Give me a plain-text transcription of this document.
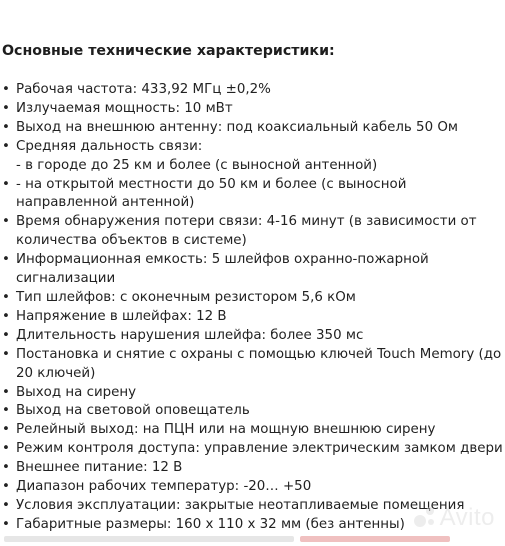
Основные технические характеристики:
• Рабочая частота: 433,92 МГц ±0,2%
• Излучаемая мощность: 10 мВт
• Выход на внешнюю антенну: под коаксиальный кабель 50 Ом
• Средняя дальность связи:
- в городе до 25 км и более (с выносной антенной)
• - на открытой местности до 50 км и более (с выносной
направленной антенной)
• Время обнаружения потери связи: 4-16 минут (в зависимости от
количества объектов в системе)
• Информационная емкость: 5 шлейфов охранно-пожарной
сигнализации
• Тип шлейфов: с оконечным резистором 5,6 кОм
• Напряжение в шлейфах: 12 В
• Длительность нарушения шлейфа: более 350 мс
• Постановка и снятие с охраны с помощью ключей Touch Memory (до
20 ключей)
• Выход на сирену
• Выход на световой оповещатель
• Релейный выход: на ПЦН или на мощную внешнюю сирену
• Режим контроля доступа: управление электрическим замком двери
• Внешнее питание: 12 В
• Диапазон рабочих температур: -20… +50
• Условия эксплуатации: закрытые неотапливаемые помещения
• Габаритные размеры: 160 х 110 х 32 мм (без антенны)	Avito
